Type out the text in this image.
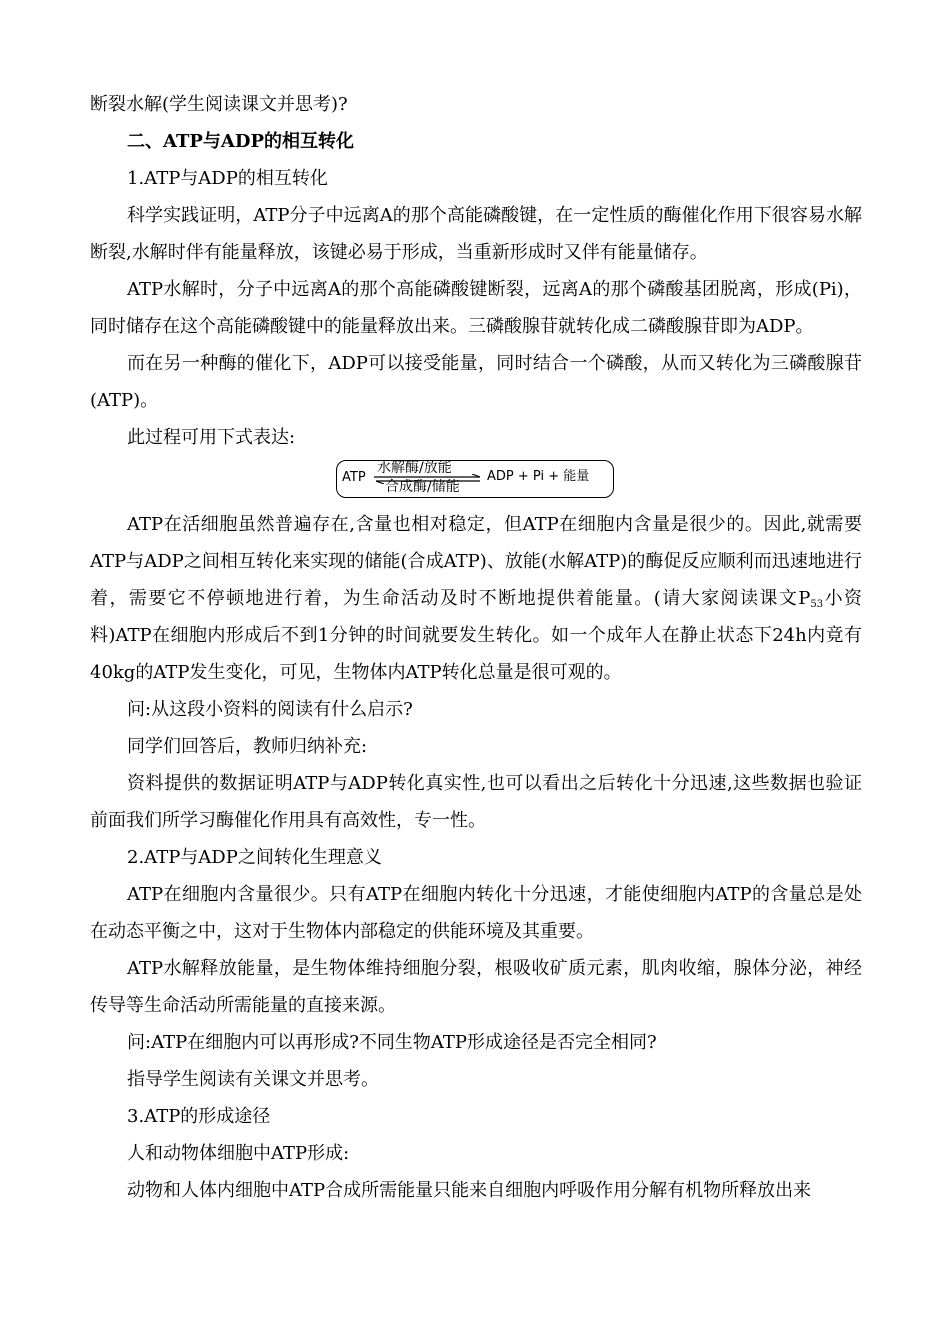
断裂水解(学生阅读课文并思考)?

二、ATP与ADP的相互转化

1.ATP与ADP的相互转化

科学实践证明，ATP分子中远离A的那个高能磷酸键，在一定性质的酶催化作用下很容易水解断裂,水解时伴有能量释放，该键必易于形成，当重新形成时又伴有能量储存。

ATP水解时，分子中远离A的那个高能磷酸键断裂，远离A的那个磷酸基团脱离，形成(Pi)，同时储存在这个高能磷酸键中的能量释放出来。三磷酸腺苷就转化成二磷酸腺苷即为ADP。

而在另一种酶的催化下，ADP可以接受能量，同时结合一个磷酸，从而又转化为三磷酸腺苷(ATP)。

此过程可用下式表达:

ATP
水解酶/放能
合成酶/储能
ADP + Pi + 能量

ATP在活细胞虽然普遍存在,含量也相对稳定，但ATP在细胞内含量是很少的。因此,就需要ATP与ADP之间相互转化来实现的储能(合成ATP)、放能(水解ATP)的酶促反应顺利而迅速地进行着，需要它不停顿地进行着，为生命活动及时不断地提供着能量。(请大家阅读课文$P_{53}$小资料)ATP在细胞内形成后不到1分钟的时间就要发生转化。如一个成年人在静止状态下24h内竟有40kg的ATP发生变化，可见，生物体内ATP转化总量是很可观的。

问:从这段小资料的阅读有什么启示?

同学们回答后，教师归纳补充:

资料提供的数据证明ATP与ADP转化真实性,也可以看出之后转化十分迅速,这些数据也验证前面我们所学习酶催化作用具有高效性，专一性。

2.ATP与ADP之间转化生理意义

ATP在细胞内含量很少。只有ATP在细胞内转化十分迅速，才能使细胞内ATP的含量总是处在动态平衡之中，这对于生物体内部稳定的供能环境及其重要。

ATP水解释放能量，是生物体维持细胞分裂，根吸收矿质元素，肌肉收缩，腺体分泌，神经传导等生命活动所需能量的直接来源。

问:ATP在细胞内可以再形成?不同生物ATP形成途径是否完全相同?

指导学生阅读有关课文并思考。

3.ATP的形成途径

人和动物体细胞中ATP形成:

动物和人体内细胞中ATP合成所需能量只能来自细胞内呼吸作用分解有机物所释放出来
